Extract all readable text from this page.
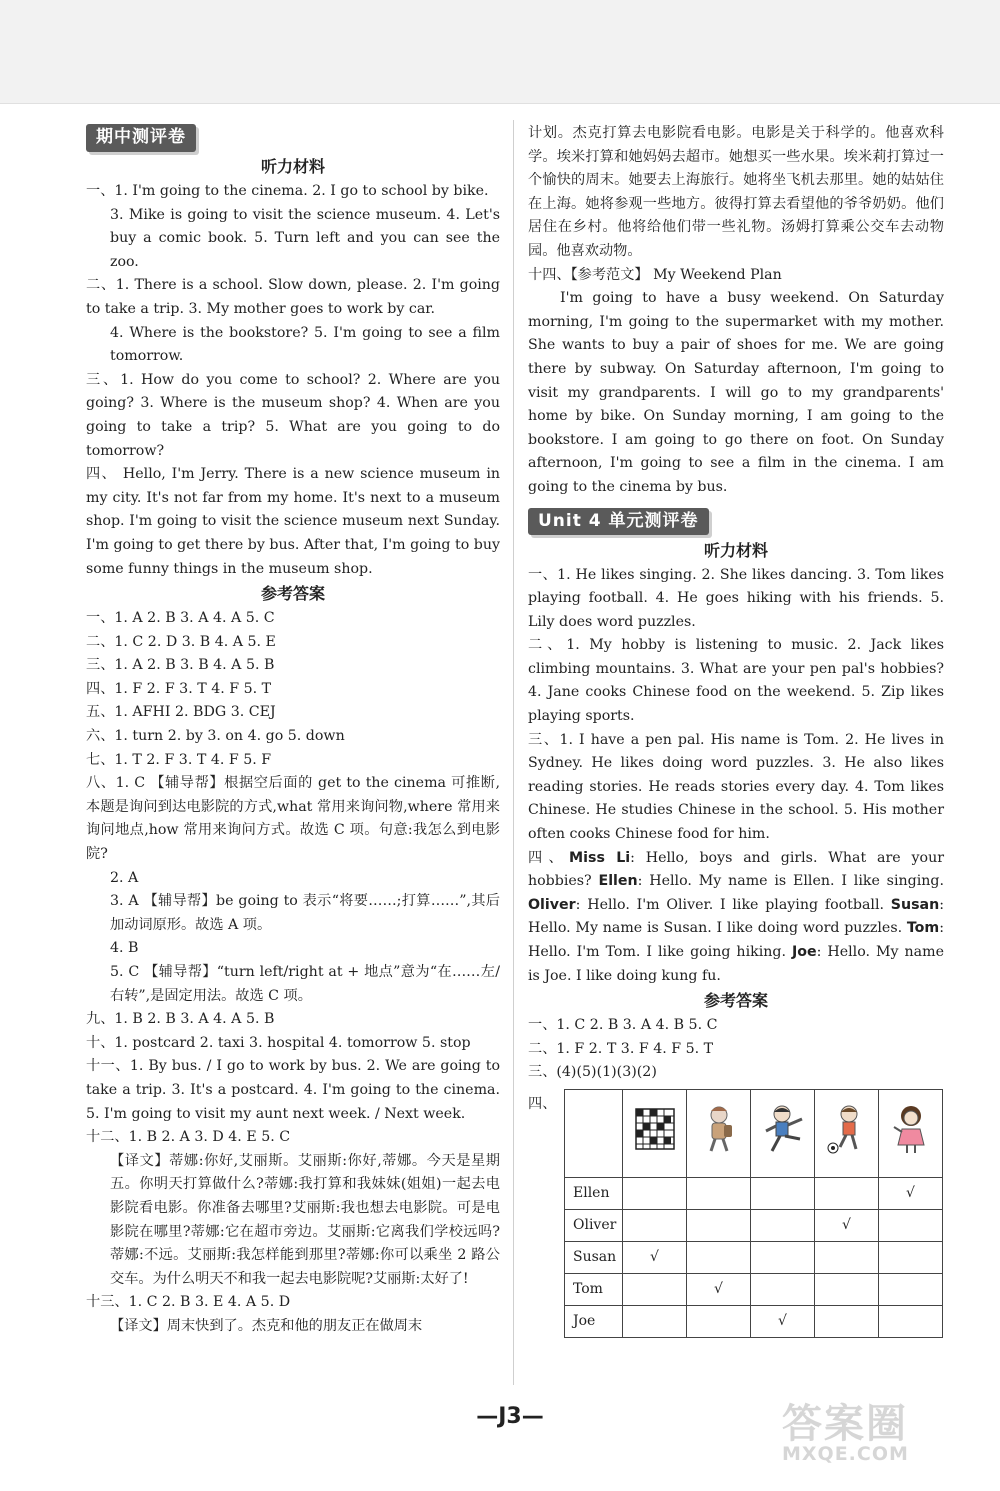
期中测评卷
听力材料
一、1. I'm going to the cinema. 2. I go to school by bike.
3. Mike is going to visit the science museum. 4. Let's buy a comic book. 5. Turn left and you can see the zoo.
二、1. There is a school. Slow down, please. 2. I'm going to take a trip. 3. My mother goes to work by car.
4. Where is the bookstore? 5. I'm going to see a film tomorrow.
三、1. How do you come to school? 2. Where are you going? 3. Where is the museum shop? 4. When are you going to take a trip? 5. What are you going to do tomorrow?
四、 Hello, I'm Jerry. There is a new science museum in my city. It's not far from my home. It's next to a museum shop. I'm going to visit the science museum next Sunday. I'm going to get there by bus. After that, I'm going to buy some funny things in the museum shop.
参考答案
一、1. A 2. B 3. A 4. A 5. C
二、1. C 2. D 3. B 4. A 5. E
三、1. A 2. B 3. B 4. A 5. B
四、1. F 2. F 3. T 4. F 5. T
五、1. AFHI 2. BDG 3. CEJ
六、1. turn 2. by 3. on 4. go 5. down
七、1. T 2. F 3. T 4. F 5. F
八、1. C 【辅导帮】根据空后面的 get to the cinema 可推断,本题是询问到达电影院的方式,what 常用来询问物,where 常用来询问地点,how 常用来询问方式。故选 C 项。句意:我怎么到电影院?
2. A
3. A 【辅导帮】be going to 表示“将要……;打算……”,其后加动词原形。故选 A 项。
4. B
5. C 【辅导帮】“turn left/right at + 地点”意为“在……左/右转”,是固定用法。故选 C 项。
九、1. B 2. B 3. A 4. A 5. B
十、1. postcard 2. taxi 3. hospital 4. tomorrow 5. stop
十一、1. By bus. / I go to work by bus. 2. We are going to take a trip. 3. It's a postcard. 4. I'm going to the cinema. 5. I'm going to visit my aunt next week. / Next week.
十二、1. B 2. A 3. D 4. E 5. C
【译文】蒂娜:你好,艾丽斯。艾丽斯:你好,蒂娜。今天是星期五。你明天打算做什么?蒂娜:我打算和我妹妹(姐姐)一起去电影院看电影。你准备去哪里?艾丽斯:我也想去电影院。可是电影院在哪里?蒂娜:它在超市旁边。艾丽斯:它离我们学校远吗?蒂娜:不远。艾丽斯:我怎样能到那里?蒂娜:你可以乘坐 2 路公交车。为什么明天不和我一起去电影院呢?艾丽斯:太好了!
十三、1. C 2. B 3. E 4. A 5. D
【译文】周末快到了。杰克和他的朋友正在做周末
计划。杰克打算去电影院看电影。电影是关于科学的。他喜欢科学。埃米打算和她妈妈去超市。她想买一些水果。埃米莉打算过一个愉快的周末。她要去上海旅行。她将坐飞机去那里。她的姑姑住在上海。她将参观一些地方。彼得打算去看望他的爷爷奶奶。他们居住在乡村。他将给他们带一些礼物。汤姆打算乘公交车去动物园。他喜欢动物。
十四、【参考范文】 My Weekend Plan
I'm going to have a busy weekend. On Saturday morning, I'm going to the supermarket with my mother. She wants to buy a pair of shoes for me. We are going there by subway. On Saturday afternoon, I'm going to visit my grandparents. I will go to my grandparents' home by bike. On Sunday morning, I am going to the bookstore. I am going to go there on foot. On Sunday afternoon, I'm going to see a film in the cinema. I am going to the cinema by bus.
Unit 4 单元测评卷
听力材料
一、1. He likes singing. 2. She likes dancing. 3. Tom likes playing football. 4. He goes hiking with his friends. 5. Lily does word puzzles.
二、1. My hobby is listening to music. 2. Jack likes climbing mountains. 3. What are your pen pal's hobbies? 4. Jane cooks Chinese food on the weekend. 5. Zip likes playing sports.
三、1. I have a pen pal. His name is Tom. 2. He lives in Sydney. He likes doing word puzzles. 3. He also likes reading stories. He reads stories every day. 4. Tom likes Chinese. He studies Chinese in the school. 5. His mother often cooks Chinese food for him.
四、Miss Li: Hello, boys and girls. What are your hobbies? Ellen: Hello. My name is Ellen. I like singing. Oliver: Hello. I'm Oliver. I like playing football. Susan: Hello. My name is Susan. I like doing word puzzles. Tom: Hello. I'm Tom. I like going hiking. Joe: Hello. My name is Joe. I like doing kung fu.
参考答案
一、1. C 2. B 3. A 4. B 5. C
二、1. F 2. T 3. F 4. F 5. T
三、(4)(5)(1)(3)(2)
四、

Ellen					√
Oliver				√	
Susan	√				
Tom		√			
Joe			√		
—J3—	答案圈
MXQE.COM
